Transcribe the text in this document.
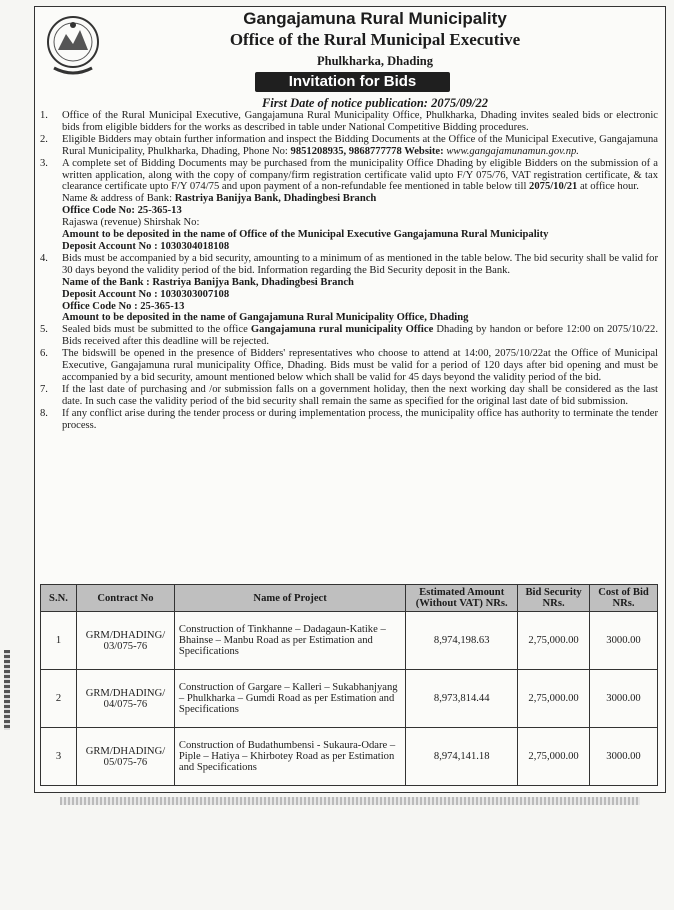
Gangajamuna Rural Municipality
Office of the Rural Municipal Executive
Phulkharka, Dhading
Invitation for Bids
First Date of notice publication: 2075/09/22
1.	Office of the Rural Municipal Executive, Gangajamuna Rural Municipality Office, Phulkharka, Dhading invites sealed bids or electronic bids from eligible bidders for the works as described in table under National Competitive Bidding procedures.
2.	Eligible Bidders may obtain further information and inspect the Bidding Documents at the Office of the Municipal Executive, Gangajamuna Rural Municipality, Phulkharka, Dhading, Phone No: 9851208935, 9868777778 Website: www.gangajamunamun.gov.np.
3.	A complete set of Bidding Documents may be purchased from the municipality Office Dhading by eligible Bidders on the submission of a written application, along with the copy of company/firm registration certificate valid upto F/Y 075/76, VAT registration certificate, & tax clearance certificate upto F/Y 074/75 and upon payment of a non-refundable fee mentioned in table below till 2075/10/21 at office hour.
Name & address of Bank: Rastriya Banijya Bank, Dhadingbesi Branch
Office Code No: 25-365-13
Rajaswa (revenue) Shirshak No:
Amount to be deposited in the name of Office of the Municipal Executive Gangajamuna Rural Municipality
Deposit Account No : 1030304018108
4.	Bids must be accompanied by a bid security, amounting to a minimum of as mentioned in the table below. The bid security shall be valid for 30 days beyond the validity period of the bid. Information regarding the Bid Security deposit in the Bank.
Name of the Bank : Rastriya Banijya Bank, Dhadingbesi Branch
Deposit Account No : 1030303007108
Office Code No : 25-365-13
Amount to be deposited in the name of Gangajamuna Rural Municipality Office, Dhading
5.	Sealed bids must be submitted to the office Gangajamuna rural municipality Office Dhading by handon or before 12:00 on 2075/10/22. Bids received after this deadline will be rejected.
6.	The bidswill be opened in the presence of Bidders' representatives who choose to attend at 14:00, 2075/10/22at the Office of Municipal Executive, Gangajamuna rural municipality Office, Dhading. Bids must be valid for a period of 120 days after bid opening and must be accompanied by a bid security, amount mentioned below which shall be valid for 45 days beyond the validity period of the bid.
7.	If the last date of purchasing and /or submission falls on a government holiday, then the next working day shall be considered as the last date. In such case the validity period of the bid security shall remain the same as specified for the original last date of bid submission.
8.	If any conflict arise during the tender process or during implementation process, the municipality office has authority to terminate the tender process.
S.N.	Contract No	Name of Project	Estimated Amount (Without VAT) NRs.	Bid Security NRs.	Cost of Bid NRs.
1	GRM/DHADING/ 03/075-76	Construction of Tinkhanne – Dadagaun-Katike – Bhainse – Manbu Road as per Estimation and Specifications	8,974,198.63	2,75,000.00	3000.00
2	GRM/DHADING/ 04/075-76	Construction of Gargare – Kalleri – Sukabhanjyang – Phulkharka – Gumdi Road as per Estimation and Specifications	8,973,814.44	2,75,000.00	3000.00
3	GRM/DHADING/ 05/075-76	Construction of Budathumbensi - Sukaura-Odare – Piple – Hatiya – Khirbotey Road as per Estimation and Specifications	8,974,141.18	2,75,000.00	3000.00
